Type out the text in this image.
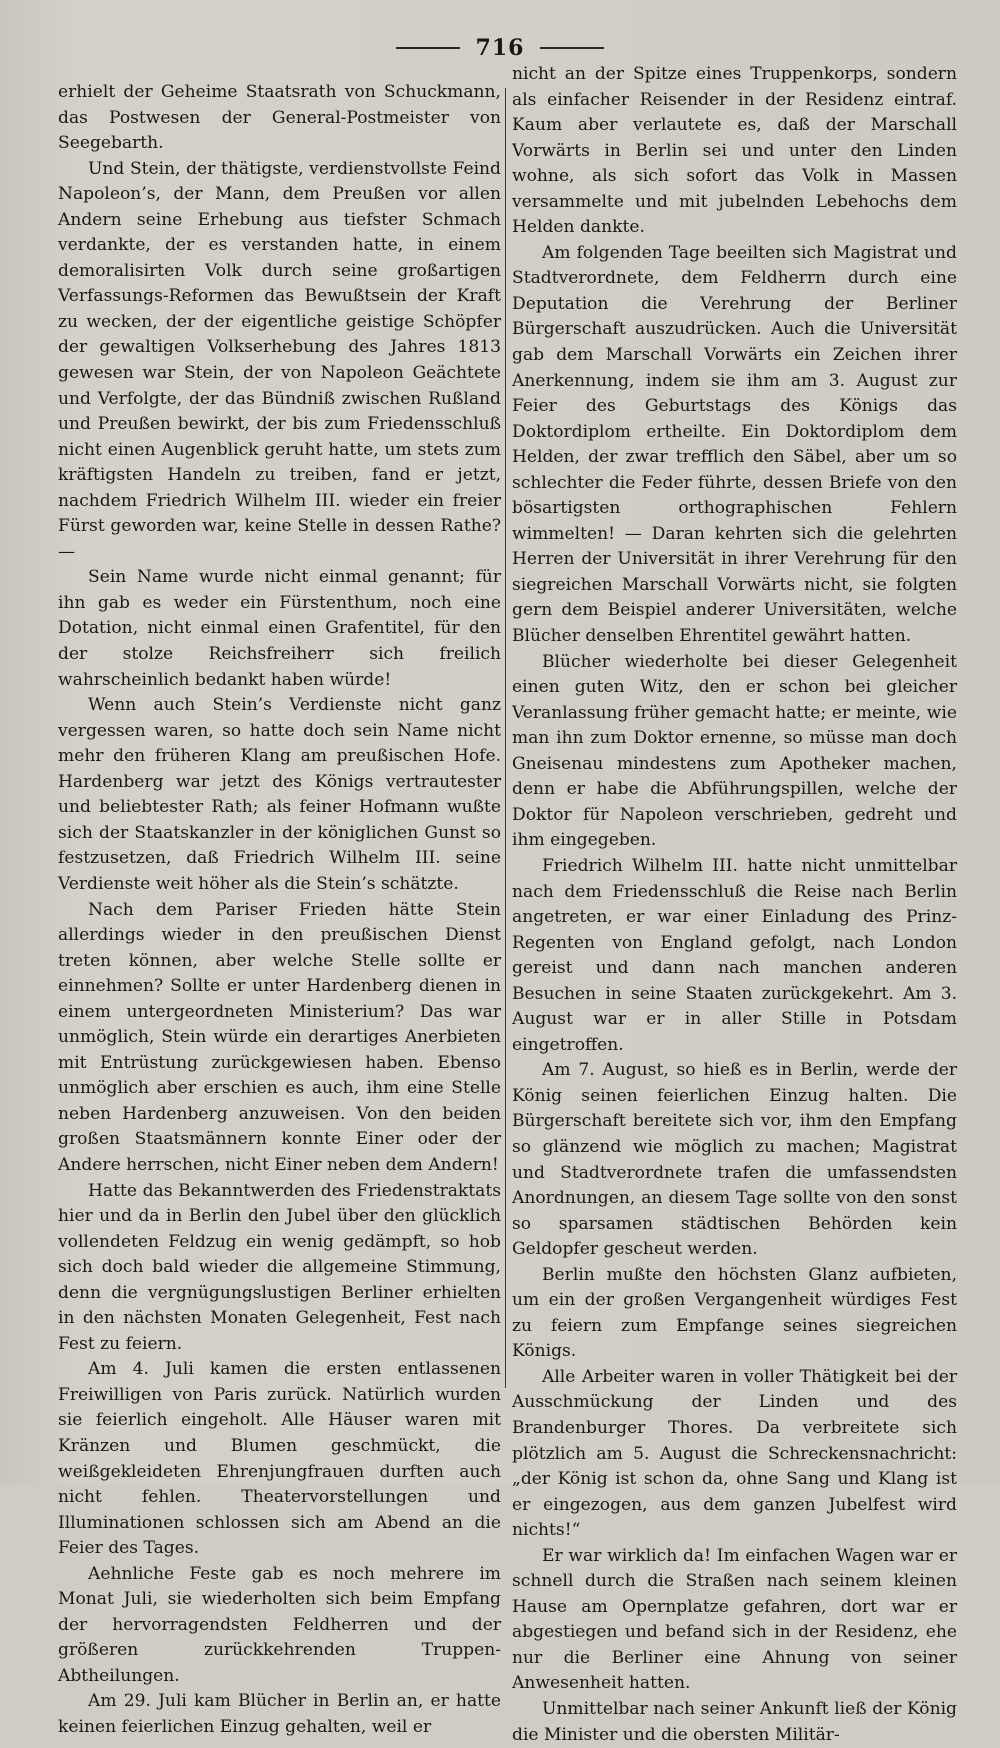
716

erhielt der Geheime Staatsrath von Schuckmann, das Postwesen der General-Postmeister von Seegebarth.

Und Stein, der thätigste, verdienstvollste Feind Napoleon’s, der Mann, dem Preußen vor allen Andern seine Erhebung aus tiefster Schmach verdankte, der es verstanden hatte, in einem demoralisirten Volk durch seine großartigen Verfassungs-Reformen das Bewußtsein der Kraft zu wecken, der der eigentliche geistige Schöpfer der gewaltigen Volkserhebung des Jahres 1813 gewesen war Stein, der von Napoleon Geächtete und Verfolgte, der das Bündniß zwischen Rußland und Preußen bewirkt, der bis zum Friedensschluß nicht einen Augenblick geruht hatte, um stets zum kräftigsten Handeln zu treiben, fand er jetzt, nachdem Friedrich Wilhelm III. wieder ein freier Fürst geworden war, keine Stelle in dessen Rathe? —

Sein Name wurde nicht einmal genannt; für ihn gab es weder ein Fürstenthum, noch eine Dotation, nicht einmal einen Grafentitel, für den der stolze Reichsfreiherr sich freilich wahrscheinlich bedankt haben würde!

Wenn auch Stein’s Verdienste nicht ganz vergessen waren, so hatte doch sein Name nicht mehr den früheren Klang am preußischen Hofe. Hardenberg war jetzt des Königs vertrautester und beliebtester Rath; als feiner Hofmann wußte sich der Staatskanzler in der königlichen Gunst so festzusetzen, daß Friedrich Wilhelm III. seine Verdienste weit höher als die Stein’s schätzte.

Nach dem Pariser Frieden hätte Stein allerdings wieder in den preußischen Dienst treten können, aber welche Stelle sollte er einnehmen? Sollte er unter Hardenberg dienen in einem untergeordneten Ministerium? Das war unmöglich, Stein würde ein derartiges Anerbieten mit Entrüstung zurückgewiesen haben. Ebenso unmöglich aber erschien es auch, ihm eine Stelle neben Hardenberg anzuweisen. Von den beiden großen Staatsmännern konnte Einer oder der Andere herrschen, nicht Einer neben dem Andern!

Hatte das Bekanntwerden des Friedenstraktats hier und da in Berlin den Jubel über den glücklich vollendeten Feldzug ein wenig gedämpft, so hob sich doch bald wieder die allgemeine Stimmung, denn die vergnügungslustigen Berliner erhielten in den nächsten Monaten Gelegenheit, Fest nach Fest zu feiern.

Am 4. Juli kamen die ersten entlassenen Freiwilligen von Paris zurück. Natürlich wurden sie feierlich eingeholt. Alle Häuser waren mit Kränzen und Blumen geschmückt, die weißgekleideten Ehrenjungfrauen durften auch nicht fehlen. Theatervorstellungen und Illuminationen schlossen sich am Abend an die Feier des Tages.

Aehnliche Feste gab es noch mehrere im Monat Juli, sie wiederholten sich beim Empfang der hervorragendsten Feldherren und der größeren zurückkehrenden Truppen-Abtheilungen.

Am 29. Juli kam Blücher in Berlin an, er hatte keinen feierlichen Einzug gehalten, weil er

nicht an der Spitze eines Truppenkorps, sondern als einfacher Reisender in der Residenz eintraf. Kaum aber verlautete es, daß der Marschall Vorwärts in Berlin sei und unter den Linden wohne, als sich sofort das Volk in Massen versammelte und mit jubelnden Lebehochs dem Helden dankte.

Am folgenden Tage beeilten sich Magistrat und Stadtverordnete, dem Feldherrn durch eine Deputation die Verehrung der Berliner Bürgerschaft auszudrücken. Auch die Universität gab dem Marschall Vorwärts ein Zeichen ihrer Anerkennung, indem sie ihm am 3. August zur Feier des Geburtstags des Königs das Doktordiplom ertheilte. Ein Doktordiplom dem Helden, der zwar trefflich den Säbel, aber um so schlechter die Feder führte, dessen Briefe von den bösartigsten orthographischen Fehlern wimmelten! — Daran kehrten sich die gelehrten Herren der Universität in ihrer Verehrung für den siegreichen Marschall Vorwärts nicht, sie folgten gern dem Beispiel anderer Universitäten, welche Blücher denselben Ehrentitel gewährt hatten.

Blücher wiederholte bei dieser Gelegenheit einen guten Witz, den er schon bei gleicher Veranlassung früher gemacht hatte; er meinte, wie man ihn zum Doktor ernenne, so müsse man doch Gneisenau mindestens zum Apotheker machen, denn er habe die Abführungspillen, welche der Doktor für Napoleon verschrieben, gedreht und ihm eingegeben.

Friedrich Wilhelm III. hatte nicht unmittelbar nach dem Friedensschluß die Reise nach Berlin angetreten, er war einer Einladung des Prinz-Regenten von England gefolgt, nach London gereist und dann nach manchen anderen Besuchen in seine Staaten zurückgekehrt. Am 3. August war er in aller Stille in Potsdam eingetroffen.

Am 7. August, so hieß es in Berlin, werde der König seinen feierlichen Einzug halten. Die Bürgerschaft bereitete sich vor, ihm den Empfang so glänzend wie möglich zu machen; Magistrat und Stadtverordnete trafen die umfassendsten Anordnungen, an diesem Tage sollte von den sonst so sparsamen städtischen Behörden kein Geldopfer gescheut werden.

Berlin mußte den höchsten Glanz aufbieten, um ein der großen Vergangenheit würdiges Fest zu feiern zum Empfange seines siegreichen Königs.

Alle Arbeiter waren in voller Thätigkeit bei der Ausschmückung der Linden und des Brandenburger Thores. Da verbreitete sich plötzlich am 5. August die Schreckensnachricht: „der König ist schon da, ohne Sang und Klang ist er eingezogen, aus dem ganzen Jubelfest wird nichts!“

Er war wirklich da! Im einfachen Wagen war er schnell durch die Straßen nach seinem kleinen Hause am Opernplatze gefahren, dort war er abgestiegen und befand sich in der Residenz, ehe nur die Berliner eine Ahnung von seiner Anwesenheit hatten.

Unmittelbar nach seiner Ankunft ließ der König die Minister und die obersten Militär-
